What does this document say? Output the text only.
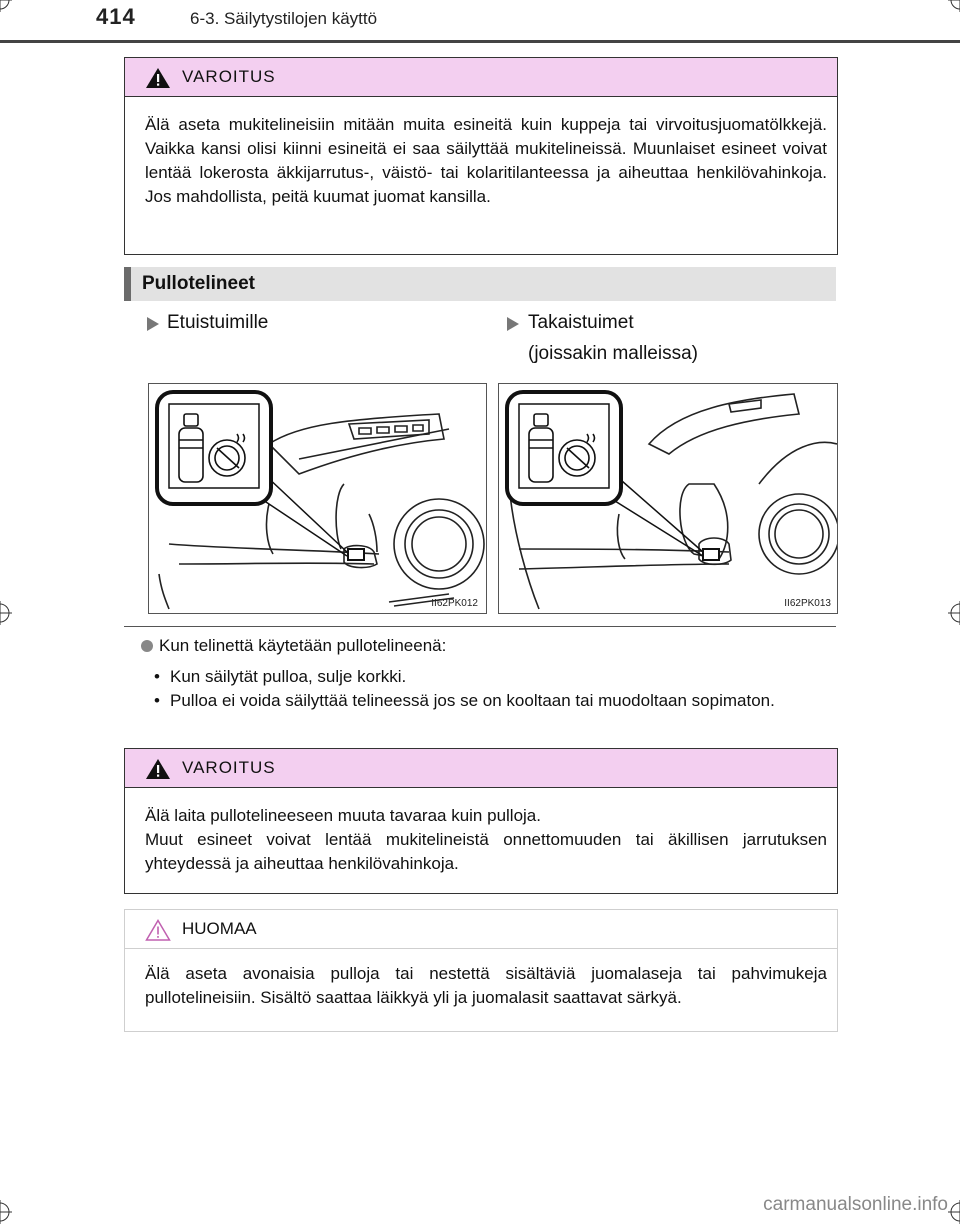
414	6-3. Säilytystilojen käyttö
VAROITUS
Älä aseta mukitelineisiin mitään muita esineitä kuin kuppeja tai virvoitusjuomatölkkejä. Vaikka kansi olisi kiinni esineitä ei saa säilyttää mukitelineissä. Muunlaiset esineet voivat lentää lokerosta äkkijarrutus-, väistö- tai kolaritilanteessa ja aiheuttaa henkilövahinkoja. Jos mahdollista, peitä kuumat juomat kansilla.
Pullotelineet
Etuistuimille	Takaistuimet
(joissakin malleissa)
II62PK012	II62PK013
Kun telinettä käytetään pullotelineenä:
• Kun säilytät pulloa, sulje korkki.
• Pulloa ei voida säilyttää telineessä jos se on kooltaan tai muodoltaan sopimaton.
VAROITUS
Älä laita pullotelineeseen muuta tavaraa kuin pulloja.
Muut esineet voivat lentää mukitelineistä onnettomuuden tai äkillisen jarrutuksen yhteydessä ja aiheuttaa henkilövahinkoja.
HUOMAA
Älä aseta avonaisia pulloja tai nestettä sisältäviä juomalaseja tai pahvimukeja pullotelineisiin. Sisältö saattaa läikkyä yli ja juomalasit saattavat särkyä.
carmanualsonline.info
